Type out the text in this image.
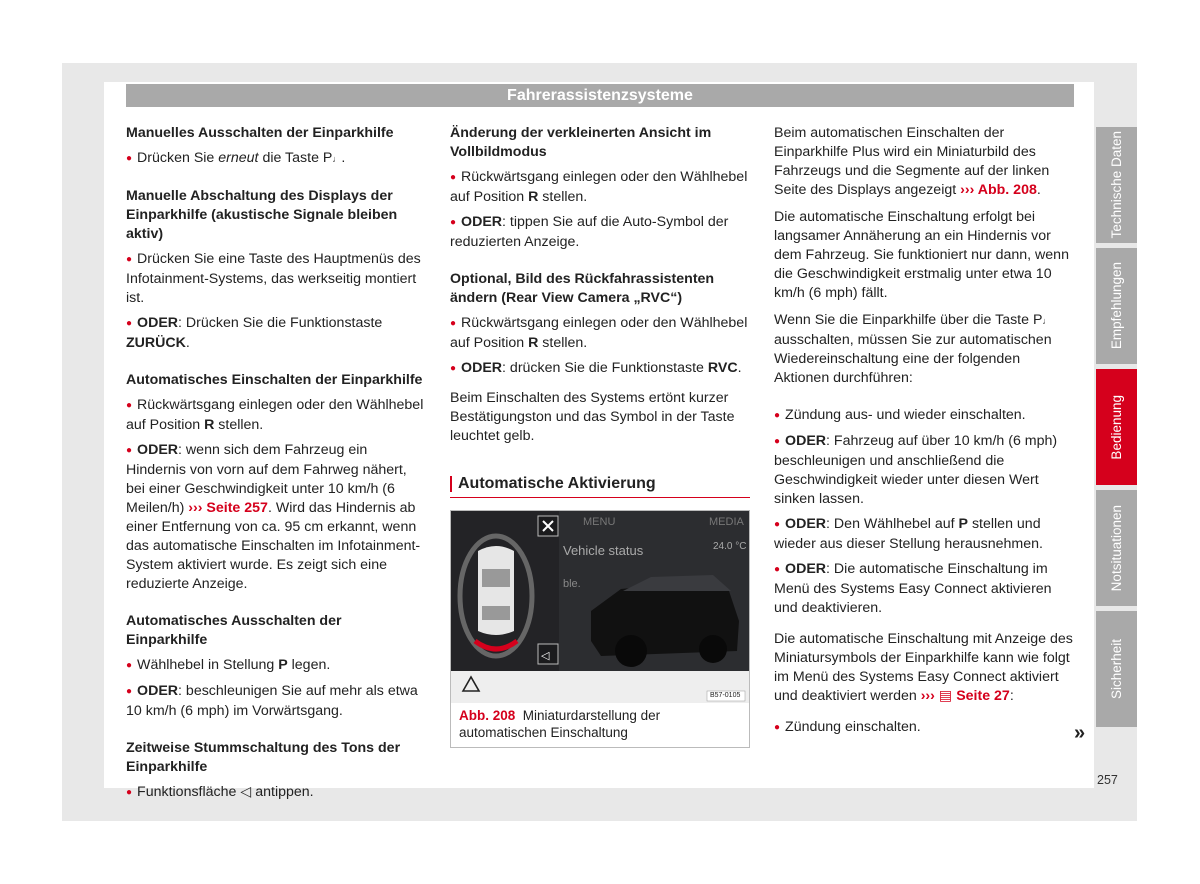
Fahrerassistenzsysteme
Manuelles Ausschalten der Einparkhilfe
● Drücken Sie erneut die Taste P♩.
Manuelle Abschaltung des Displays der Einparkhilfe (akustische Signale bleiben aktiv)
● Drücken Sie eine Taste des Hauptmenüs des Infotainment-Systems, das werkseitig montiert ist.
● ODER: Drücken Sie die Funktionstaste ZURÜCK.
Automatisches Einschalten der Einparkhilfe
● Rückwärtsgang einlegen oder den Wählhebel auf Position R stellen.
● ODER: wenn sich dem Fahrzeug ein Hindernis von vorn auf dem Fahrweg nähert, bei einer Geschwindigkeit unter 10 km/h (6 Meilen/h) ››› Seite 257. Wird das Hindernis ab einer Entfernung von ca. 95 cm erkannt, wenn das automatische Einschalten im Infotainment-System aktiviert wurde. Es zeigt sich eine reduzierte Anzeige.
Automatisches Ausschalten der Einparkhilfe
● Wählhebel in Stellung P legen.
● ODER: beschleunigen Sie auf mehr als etwa 10 km/h (6 mph) im Vorwärtsgang.
Zeitweise Stummschaltung des Tons der Einparkhilfe
● Funktionsfläche ◁ antippen.
Änderung der verkleinerten Ansicht im Vollbildmodus
● Rückwärtsgang einlegen oder den Wählhebel auf Position R stellen.
● ODER: tippen Sie auf die Auto-Symbol der reduzierten Anzeige.
Optional, Bild des Rückfahrassistenten ändern (Rear View Camera „RVC“)
● Rückwärtsgang einlegen oder den Wählhebel auf Position R stellen.
● ODER: drücken Sie die Funktionstaste RVC.
Beim Einschalten des Systems ertönt kurzer Bestätigungston und das Symbol in der Taste leuchtet gelb.
Automatische Aktivierung
MENU	MEDIA
Vehicle status	24.0 °C
ble.
B57-0105
◁
Abb. 208 Miniaturdarstellung der automatischen Einschaltung
Beim automatischen Einschalten der Einparkhilfe Plus wird ein Miniaturbild des Fahrzeugs und die Segmente auf der linken Seite des Displays angezeigt ››› Abb. 208.
Die automatische Einschaltung erfolgt bei langsamer Annäherung an ein Hindernis vor dem Fahrzeug. Sie funktioniert nur dann, wenn die Geschwindigkeit erstmalig unter etwa 10 km/h (6 mph) fällt.
Wenn Sie die Einparkhilfe über die Taste P♩ ausschalten, müssen Sie zur automatischen Wiedereinschaltung eine der folgenden Aktionen durchführen:
● Zündung aus- und wieder einschalten.
● ODER: Fahrzeug auf über 10 km/h (6 mph) beschleunigen und anschließend die Geschwindigkeit wieder unter diesen Wert sinken lassen.
● ODER: Den Wählhebel auf P stellen und wieder aus dieser Stellung herausnehmen.
● ODER: Die automatische Einschaltung im Menü des Systems Easy Connect aktivieren und deaktivieren.
Die automatische Einschaltung mit Anzeige des Miniatursymbols der Einparkhilfe kann wie folgt im Menü des Systems Easy Connect aktiviert und deaktiviert werden ››› ▤ Seite 27:
● Zündung einschalten.	»
Technische Daten
Empfehlungen
Bedienung
Notsituationen
Sicherheit
257
